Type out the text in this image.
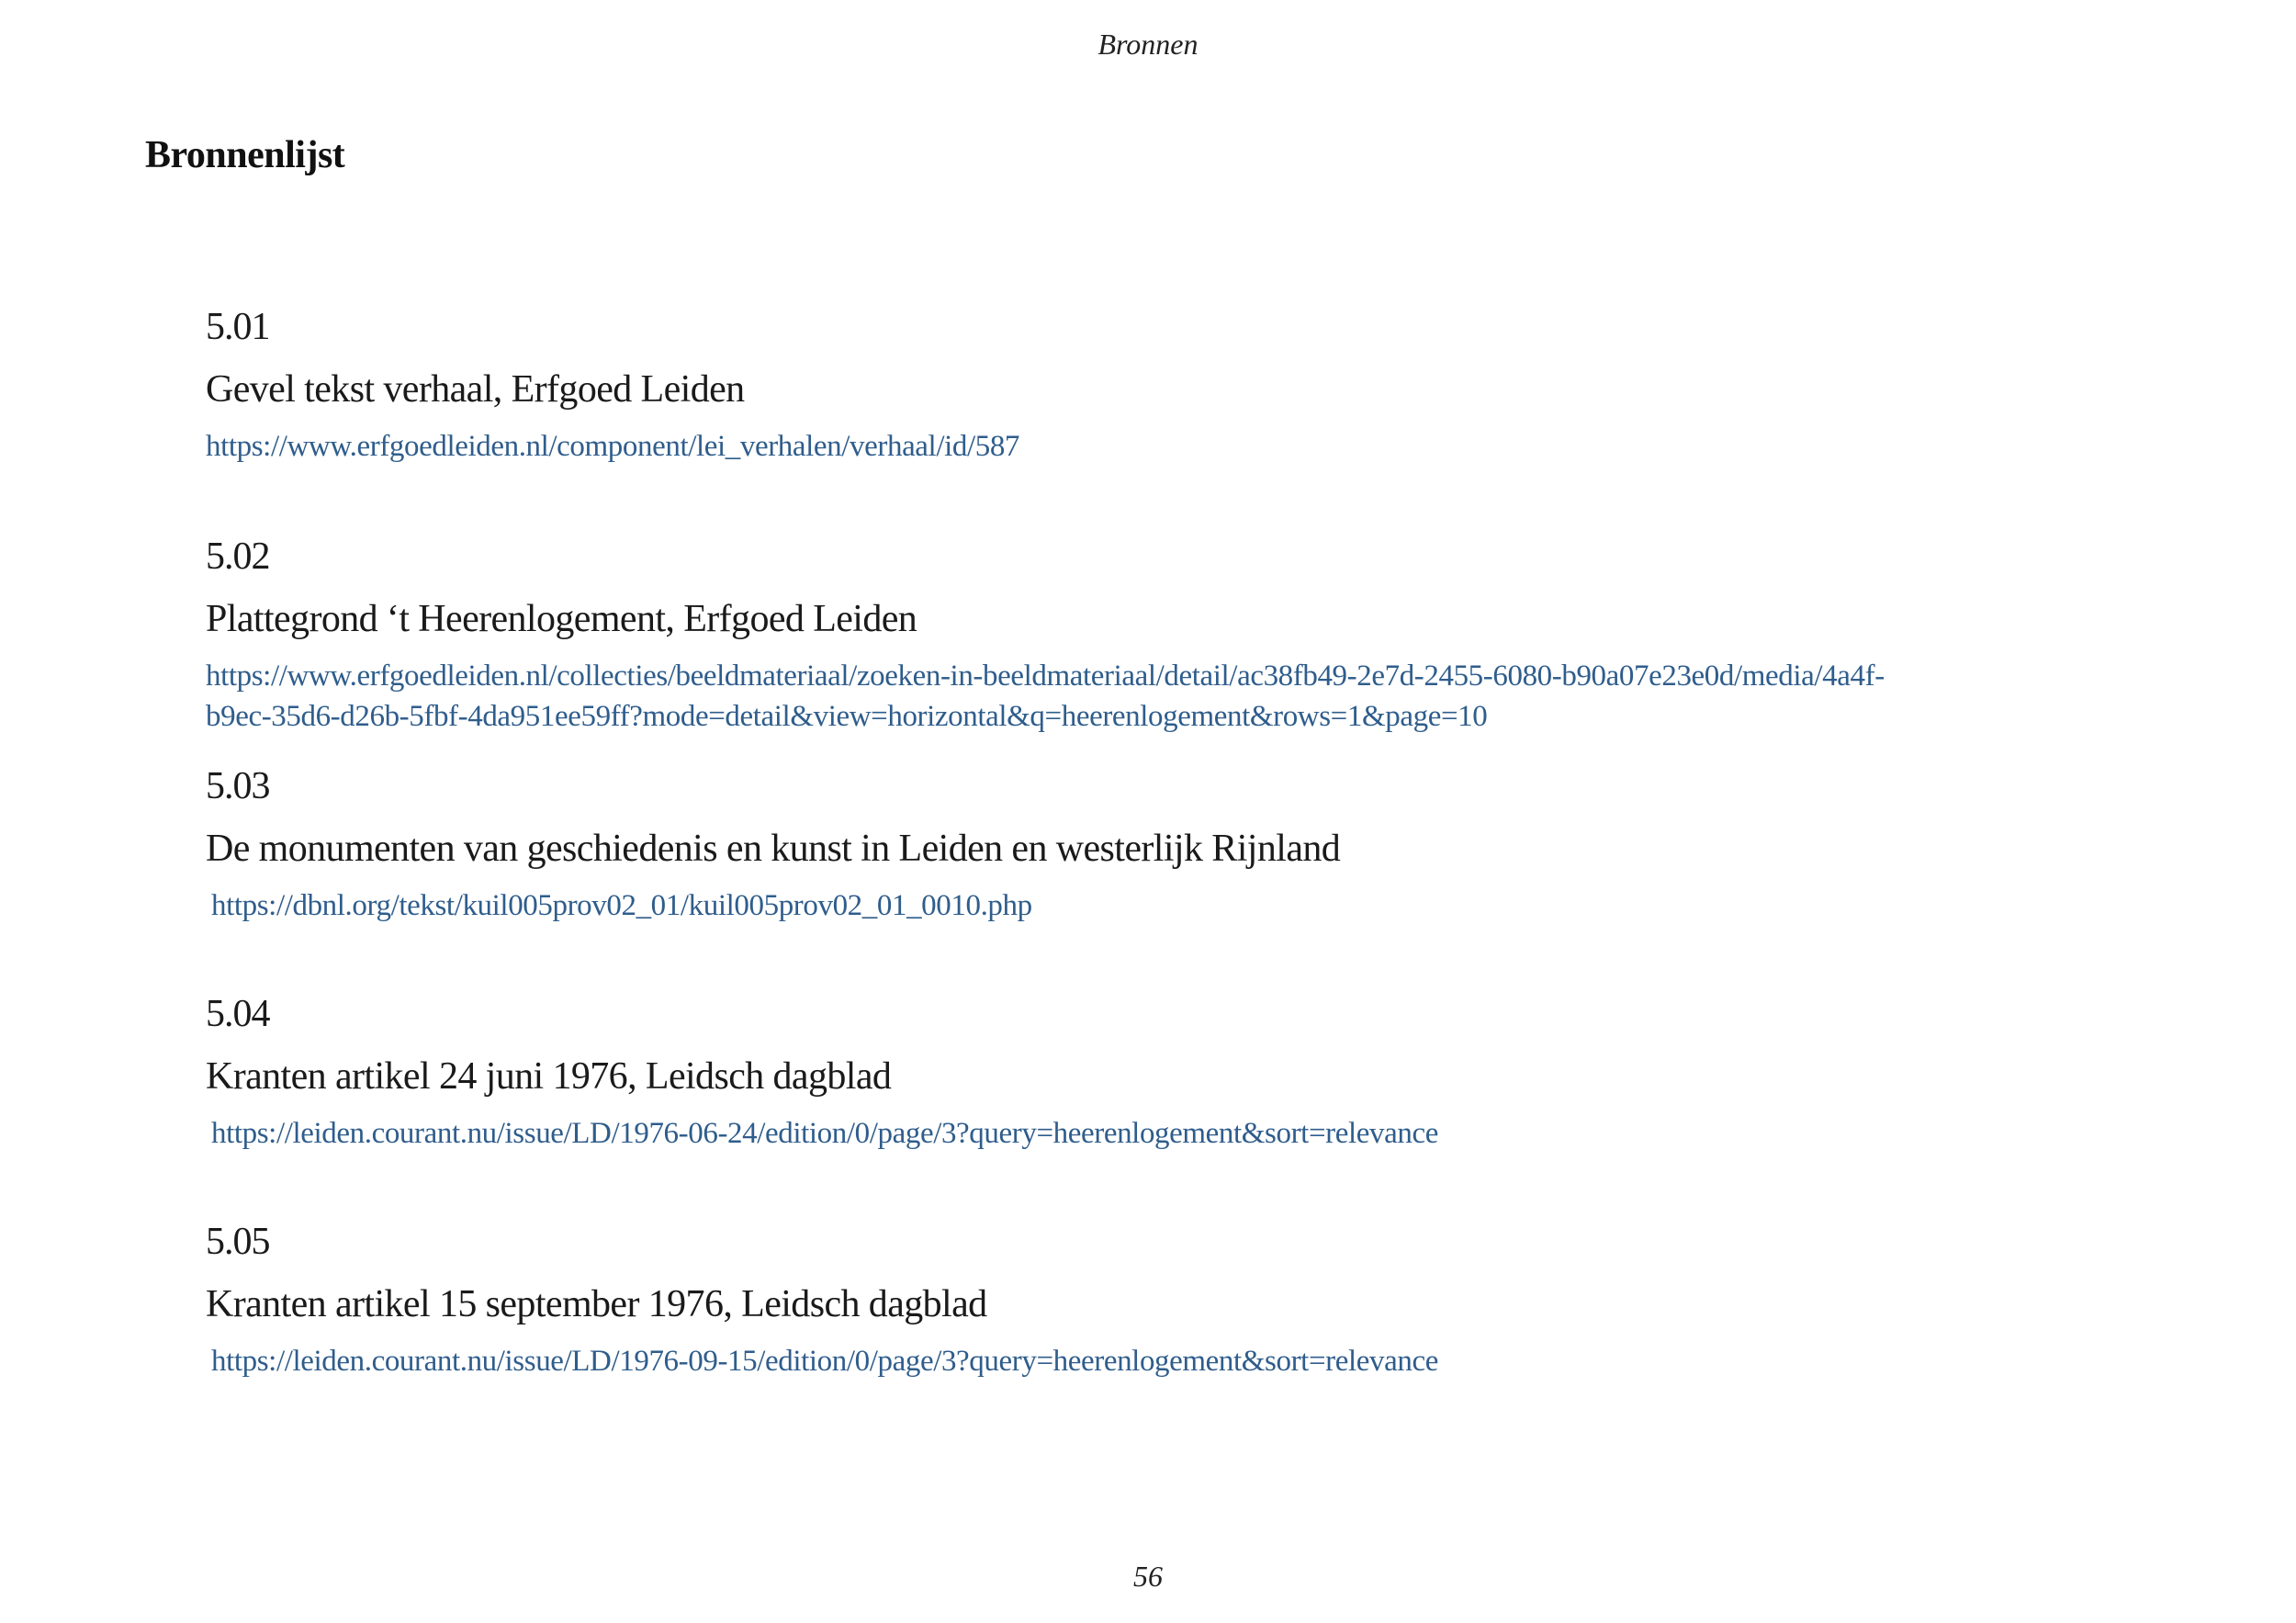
Bronnen
Bronnenlijst
5.01
Gevel tekst verhaal, Erfgoed Leiden
https://www.erfgoedleiden.nl/component/lei_verhalen/verhaal/id/587
5.02
Plattegrond ‘t Heerenlogement, Erfgoed Leiden
https://www.erfgoedleiden.nl/collecties/beeldmateriaal/zoeken-in-beeldmateriaal/detail/ac38fb49-2e7d-2455-6080-b90a07e23e0d/media/4a4f-
b9ec-35d6-d26b-5fbf-4da951ee59ff?mode=detail&view=horizontal&q=heerenlogement&rows=1&page=10
5.03
De monumenten van geschiedenis en kunst in Leiden en westerlijk Rijnland
https://dbnl.org/tekst/kuil005prov02_01/kuil005prov02_01_0010.php
5.04
Kranten artikel 24 juni 1976, Leidsch dagblad
https://leiden.courant.nu/issue/LD/1976-06-24/edition/0/page/3?query=heerenlogement&sort=relevance
5.05
Kranten artikel 15 september 1976, Leidsch dagblad
https://leiden.courant.nu/issue/LD/1976-09-15/edition/0/page/3?query=heerenlogement&sort=relevance
56
